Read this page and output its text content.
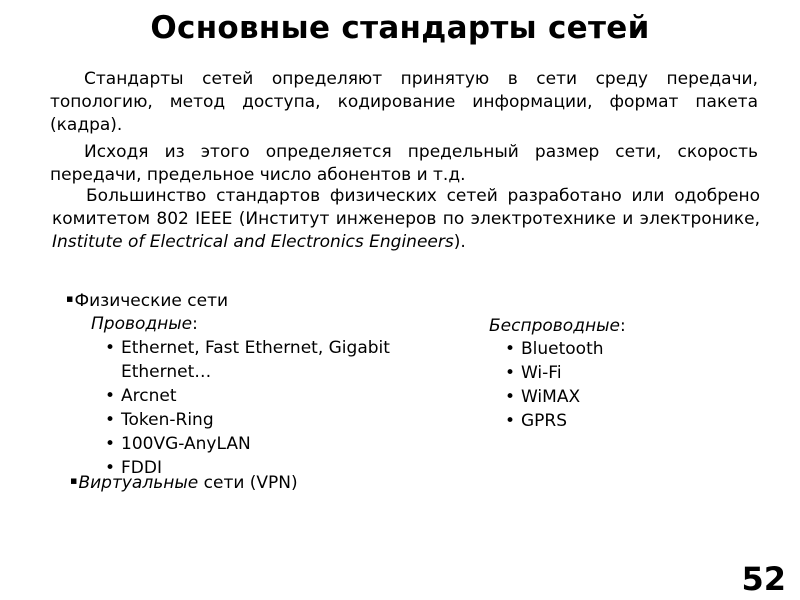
Основные стандарты сетей
Стандарты сетей определяют принятую в сети среду передачи, топологию, метод доступа, кодирование информации, формат пакета (кадра).
Исходя из этого определяется предельный размер сети, скорость передачи, предельное число абонентов и т.д.
Большинство стандартов физических сетей разработано или одобрено комитетом 802 IEEE (Институт инженеров по электротехнике и электронике, Institute of Electrical and Electronics Engineers).
▪Физические сети
Проводные:
• Ethernet, Fast Ethernet, Gigabit Ethernet…
• Arcnet
• Token-Ring
• 100VG-AnyLAN
• FDDI
Беспроводные:
• Bluetooth
• Wi-Fi
• WiMAX
• GPRS
▪Виртуальные сети (VPN)
52
